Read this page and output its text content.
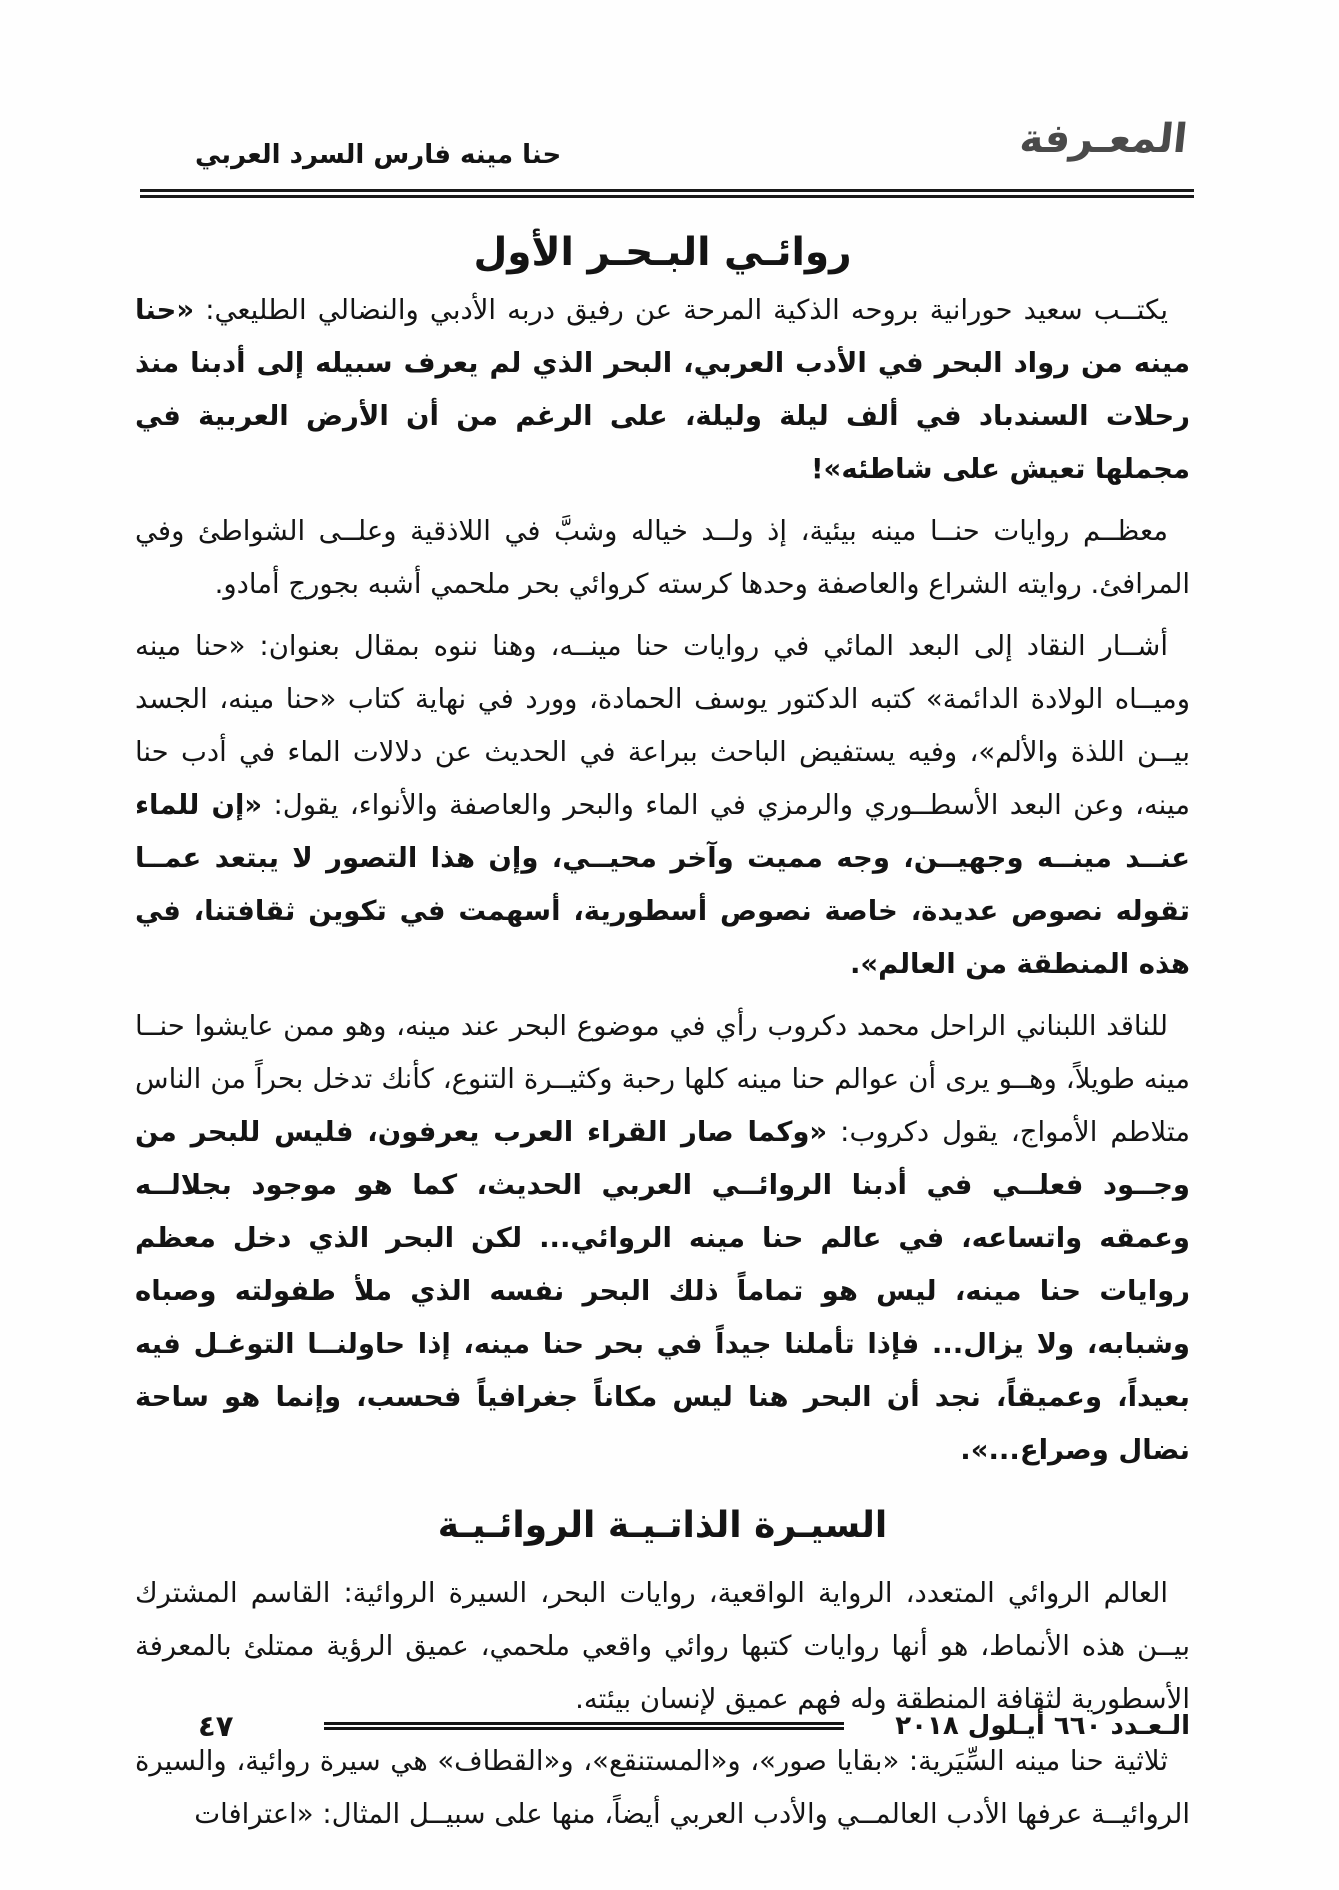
المعـرفة
حنا مينه فارس السرد العربي
روائـي البـحـر الأول

يكتــب سعيد حورانية بروحه الذكية المرحة عن رفيق دربه الأدبي والنضالي الطليعي: «حنا مينه من رواد البحر في الأدب العربي، البحر الذي لم يعرف سبيله إلى أدبنا منذ رحلات السندباد في ألف ليلة وليلة، على الرغم من أن الأرض العربية في مجملها تعيش على شاطئه»!

معظــم روايات حنــا مينه بيئية، إذ ولــد خياله وشبَّ في اللاذقية وعلــى الشواطئ وفي المرافئ. روايته الشراع والعاصفة وحدها كرسته كروائي بحر ملحمي أشبه بجورج أمادو.

أشــار النقاد إلى البعد المائي في روايات حنا مينــه، وهنا ننوه بمقال بعنوان: «حنا مينه وميــاه الولادة الدائمة» كتبه الدكتور يوسف الحمادة، وورد في نهاية كتاب «حنا مينه، الجسد بيــن اللذة والألم»، وفيه يستفيض الباحث ببراعة في الحديث عن دلالات الماء في أدب حنا مينه، وعن البعد الأسطــوري والرمزي في الماء والبحر والعاصفة والأنواء، يقول: «إن للماء عنــد مينــه وجهيــن، وجه مميت وآخر محيــي، وإن هذا التصور لا يبتعد عمــا تقوله نصوص عديدة، خاصة نصوص أسطورية، أسهمت في تكوين ثقافتنا، في هذه المنطقة من العالم».

للناقد اللبناني الراحل محمد دكروب رأي في موضوع البحر عند مينه، وهو ممن عايشوا حنــا مينه طويلاً، وهــو يرى أن عوالم حنا مينه كلها رحبة وكثيــرة التنوع، كأنك تدخل بحراً من الناس متلاطم الأمواج، يقول دكروب: «وكما صار القراء العرب يعرفون، فليس للبحر من وجــود فعلــي في أدبنا الروائــي العربي الحديث، كما هو موجود بجلالــه وعمقه واتساعه، في عالم حنا مينه الروائي... لكن البحر الذي دخل معظم روايات حنا مينه، ليس هو تماماً ذلك البحر نفسه الذي ملأ طفولته وصباه وشبابه، ولا يزال... فإذا تأملنا جيداً في بحر حنا مينه، إذا حاولنــا التوغـل فيه بعيداً، وعميقاً، نجد أن البحر هنا ليس مكاناً جغرافياً فحسب، وإنما هو ساحة نضال وصراع...».

السيـرة الذاتـيـة الروائـيـة

العالم الروائي المتعدد، الرواية الواقعية، روايات البحر، السيرة الروائية: القاسم المشترك بيــن هذه الأنماط، هو أنها روايات كتبها روائي واقعي ملحمي، عميق الرؤية ممتلئ بالمعرفة الأسطورية لثقافة المنطقة وله فهم عميق لإنسان بيئته.

ثلاثية حنا مينه السِّيَرية: «بقايا صور»، و«المستنقع»، و«القطاف» هي سيرة روائية، والسيرة الروائيــة عرفها الأدب العالمــي والأدب العربي أيضاً، منها على سبيــل المثال: «اعترافات

الـعـدد ٦٦٠ أيـلول ٢٠١٨
٤٧
